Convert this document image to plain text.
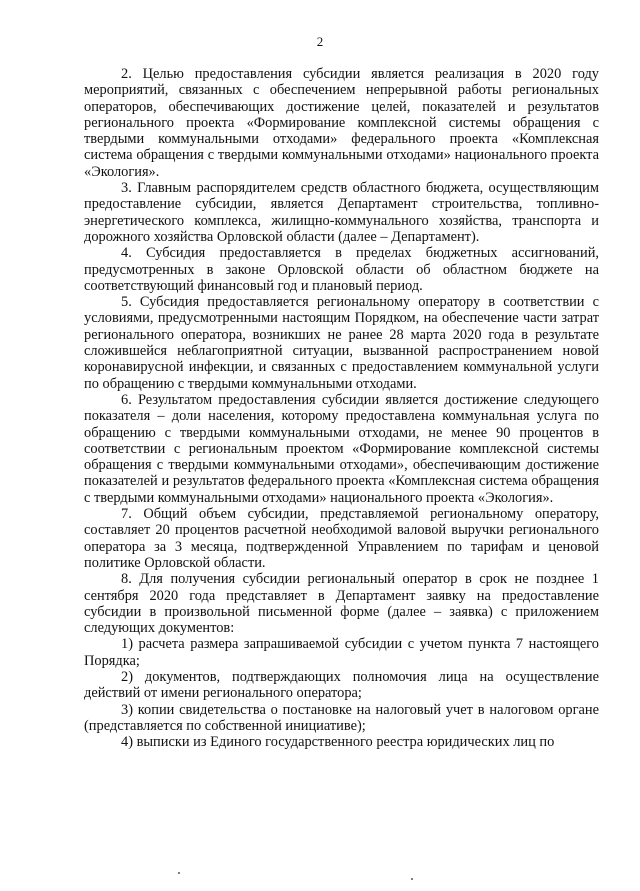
2

2. Целью предоставления субсидии является реализация в 2020 году мероприятий, связанных с обеспечением непрерывной работы региональных операторов, обеспечивающих достижение целей, показателей и результатов регионального проекта «Формирование комплексной системы обращения с твердыми коммунальными отходами» федерального проекта «Комплексная система обращения с твердыми коммунальными отходами» национального проекта «Экология».

3. Главным распорядителем средств областного бюджета, осуществляющим предоставление субсидии, является Департамент строительства, топливно-энергетического комплекса, жилищно-коммунального хозяйства, транспорта и дорожного хозяйства Орловской области (далее – Департамент).

4. Субсидия предоставляется в пределах бюджетных ассигнований, предусмотренных в законе Орловской области об областном бюджете на соответствующий финансовый год и плановый период.

5. Субсидия предоставляется региональному оператору в соответствии с условиями, предусмотренными настоящим Порядком, на обеспечение части затрат регионального оператора, возникших не ранее 28 марта 2020 года в результате сложившейся неблагоприятной ситуации, вызванной распространением новой коронавирусной инфекции, и связанных с предоставлением коммунальной услуги по обращению с твердыми коммунальными отходами.

6. Результатом предоставления субсидии является достижение следующего показателя – доли населения, которому предоставлена коммунальная услуга по обращению с твердыми коммунальными отходами, не менее 90 процентов в соответствии с региональным проектом «Формирование комплексной системы обращения с твердыми коммунальными отходами», обеспечивающим достижение показателей и результатов федерального проекта «Комплексная система обращения с твердыми коммунальными отходами» национального проекта «Экология».

7. Общий объем субсидии, представляемой региональному оператору, составляет 20 процентов расчетной необходимой валовой выручки регионального оператора за 3 месяца, подтвержденной Управлением по тарифам и ценовой политике Орловской области.

8. Для получения субсидии региональный оператор в срок не позднее 1 сентября 2020 года представляет в Департамент заявку на предоставление субсидии в произвольной письменной форме (далее – заявка) с приложением следующих документов:

1) расчета размера запрашиваемой субсидии с учетом пункта 7 настоящего Порядка;

2) документов, подтверждающих полномочия лица на осуществление действий от имени регионального оператора;

3) копии свидетельства о постановке на налоговый учет в налоговом органе (представляется по собственной инициативе);

4) выписки из Единого государственного реестра юридических лиц по
